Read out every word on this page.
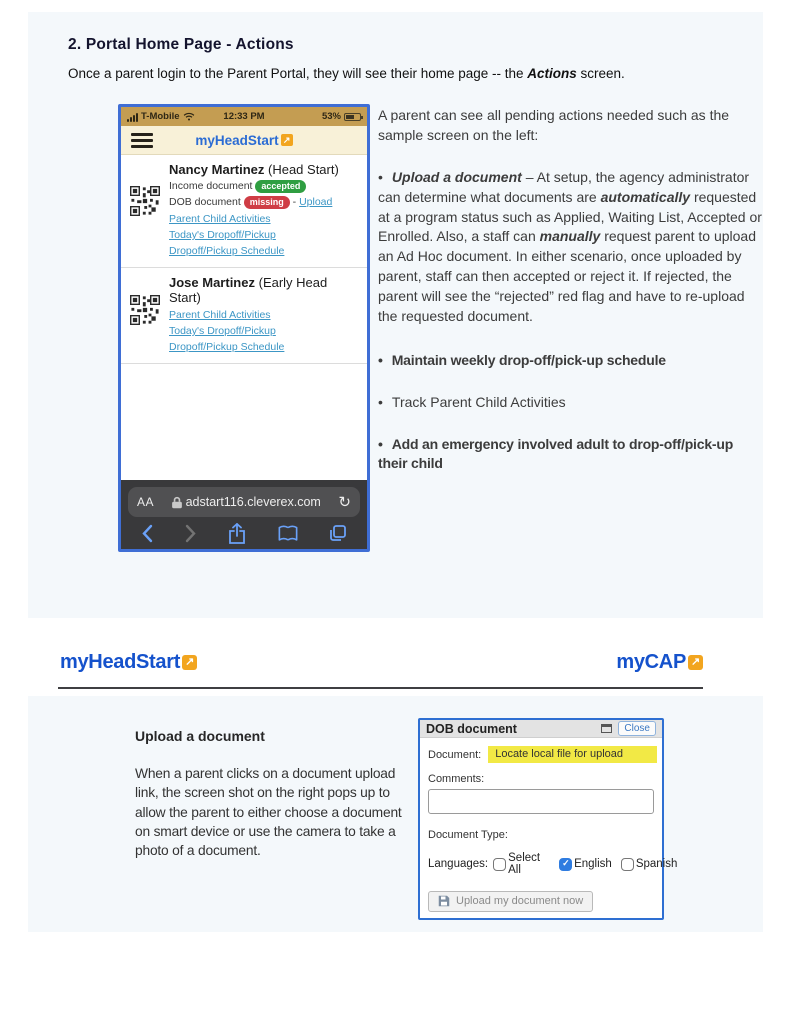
2. Portal Home Page - Actions
Once a parent login to the Parent Portal, they will see their home page -- the Actions screen.
T-Mobile	12:33 PM	53%
myHeadStart
↗
Nancy Martinez (Head Start)
Income document accepted
DOB document missing - Upload
Parent Child Activities
Today's Dropoff/Pickup
Dropoff/Pickup Schedule
Jose Martinez (Early Head Start)
Parent Child Activities
Today's Dropoff/Pickup
Dropoff/Pickup Schedule
AA	adstart116.cleverex.com ↻

A parent can see all pending actions needed such as the sample screen on the left:

• Upload a document – At setup, the agency administrator can determine what documents are automatically requested at a program status such as Applied, Waiting List, Accepted or Enrolled. Also, a staff can manually request parent to upload an Ad Hoc document. In either scenario, once uploaded by parent, staff can then accepted or reject it. If rejected, the parent will see the “rejected” red flag and have to re-upload the requested document.

• Maintain weekly drop-off/pick-up schedule

• Track Parent Child Activities

• Add an emergency involved adult to drop-off/pick-up their child

myHeadStart ↗	myCAP
↗
Upload a document
When a parent clicks on a document upload link, the screen shot on the right pops up to allow the parent to either choose a document on smart device or use the camera to take a photo of a document.
DOB document	Close
Document:	Locate local file for upload
Comments:
Document Type:
Languages: Select All ✓	English Spanish
Upload my document now
